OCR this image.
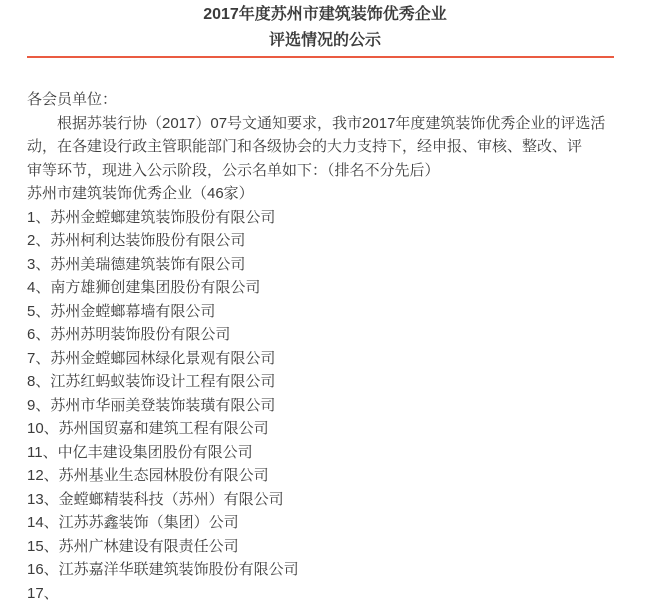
2017年度苏州市建筑装饰优秀企业
评选情况的公示
各会员单位：
根据苏装行协（2017）07号文通知要求，我市2017年度建筑装饰优秀企业的评选活
动，在各建设行政主管职能部门和各级协会的大力支持下，经申报、审核、整改、评
审等环节，现进入公示阶段，公示名单如下：（排名不分先后）
苏州市建筑装饰优秀企业（46家）
1、苏州金螳螂建筑装饰股份有限公司
2、苏州柯利达装饰股份有限公司
3、苏州美瑞德建筑装饰有限公司
4、南方雄狮创建集团股份有限公司
5、苏州金螳螂幕墙有限公司
6、苏州苏明装饰股份有限公司
7、苏州金螳螂园林绿化景观有限公司
8、江苏红蚂蚁装饰设计工程有限公司
9、苏州市华丽美登装饰装璜有限公司
10、苏州国贸嘉和建筑工程有限公司
11、中亿丰建设集团股份有限公司
12、苏州基业生态园林股份有限公司
13、金螳螂精装科技（苏州）有限公司
14、江苏苏鑫装饰（集团）公司
15、苏州广林建设有限责任公司
16、江苏嘉洋华联建筑装饰股份有限公司
17、
